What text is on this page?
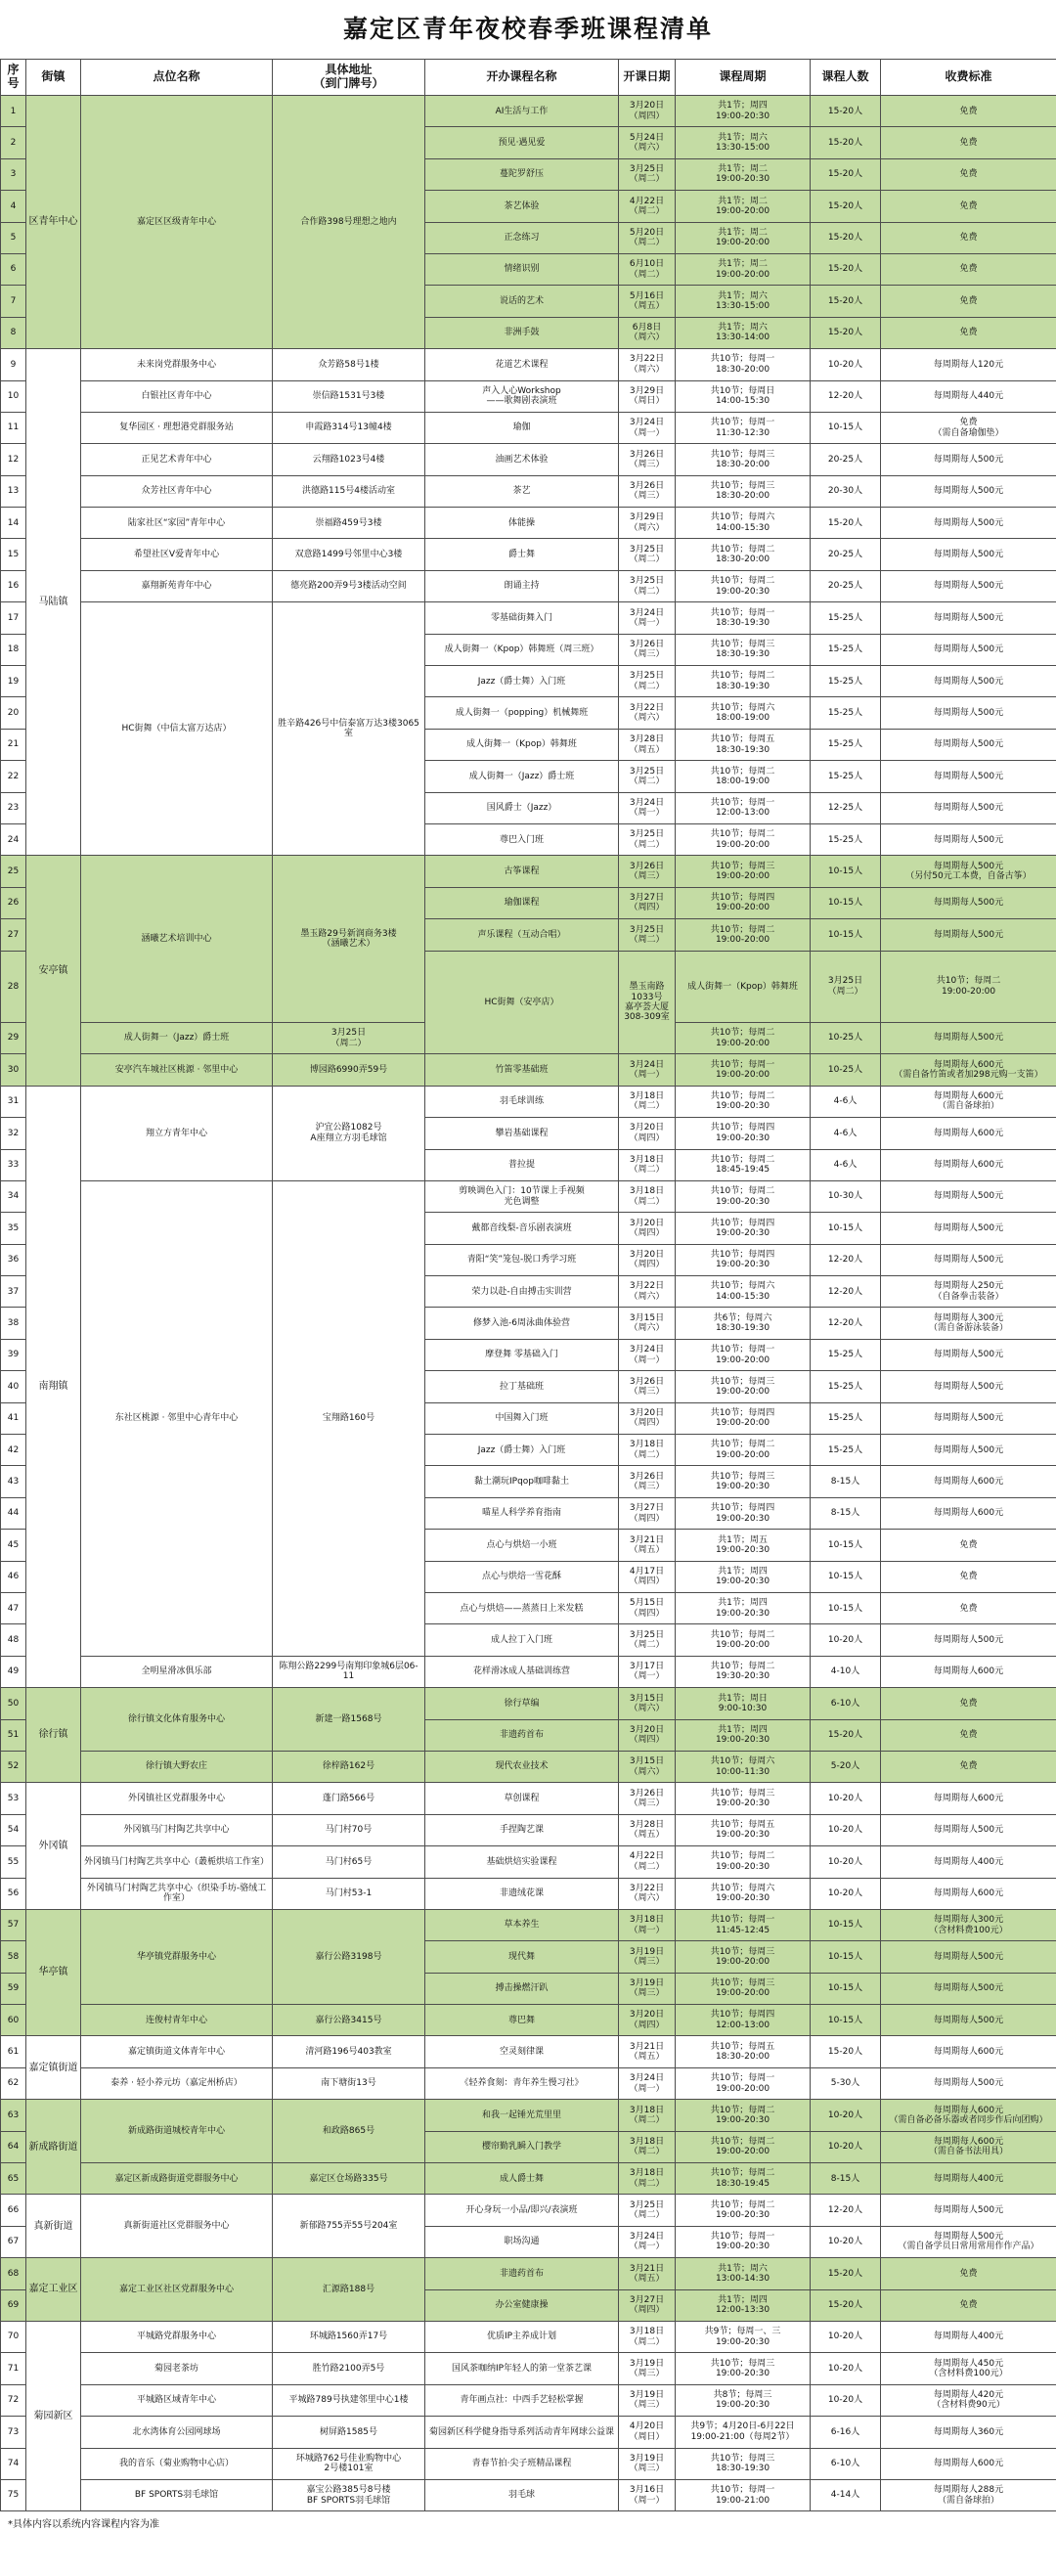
嘉定区青年夜校春季班课程清单
序号	街镇	点位名称	具体地址
（到门牌号）	开办课程名称	开课日期	课程周期	课程人数	收费标准	
1	区青年中心	嘉定区区级青年中心	合作路398号理想之地内	AI生活与工作	3月20日
（周四）	共1节；周四
19:00-20:30	15-20人	免费	
2				预见·遇见爱	5月24日
（周六）	共1节；周六
13:30-15:00	15-20人	免费	
3				蔓陀罗舒压	3月25日
（周二）	共1节；周二
19:00-20:30	15-20人	免费	
4				茶艺体验	4月22日
（周二）	共1节；周二
19:00-20:00	15-20人	免费	
5				正念练习	5月20日
（周二）	共1节；周二
19:00-20:00	15-20人	免费	
6				情绪识别	6月10日
（周二）	共1节；周二
19:00-20:00	15-20人	免费	
7				说话的艺术	5月16日
（周五）	共1节；周六
13:30-15:00	15-20人	免费	
8				非洲手鼓	6月8日
（周六）	共1节；周六
13:30-14:00	15-20人	免费	
9	马陆镇	未来岗党群服务中心	众芳路58号1楼	花道艺术课程	3月22日
（周六）	共10节；每周一
18:30-20:00	10-20人	每周期每人120元	
10		白银社区青年中心	崇信路1531号3楼	声入人心Workshop
——歌舞剧表演班	3月29日
（周日）	共10节；每周日
14:00-15:30	12-20人	每周期每人440元	
11		复华园区 · 理想港党群服务站	申霞路314号13幢4楼	瑜伽	3月24日
（周一）	共10节；每周一
11:30-12:30	10-15人	免费
（需自备瑜伽垫）	
12		正见艺术青年中心	云翔路1023号4楼	油画艺术体验	3月26日
（周三）	共10节；每周三
18:30-20:00	20-25人	每周期每人500元	
13		众芳社区青年中心	洪德路115号4楼活动室	茶艺	3月26日
（周三）	共10节；每周三
18:30-20:00	20-30人	每周期每人500元	
14		陆家社区“家园”青年中心	崇福路459号3楼	体能操	3月29日
（周六）	共10节；每周六
14:00-15:30	15-20人	每周期每人500元	
15		希望社区V爱青年中心	双意路1499号邻里中心3楼	爵士舞	3月25日
（周二）	共10节；每周二
18:30-20:00	20-25人	每周期每人500元	
16		嘉翔新苑青年中心	德亮路200弄9号3楼活动空间	朗诵主持	3月25日
（周二）	共10节；每周二
19:00-20:30	20-25人	每周期每人500元	
17		HC街舞（中信太富万达店）	胜辛路426号中信泰富万达3楼3065室	零基础街舞入门	3月24日
（周一）	共10节；每周一
18:30-19:30	15-25人	每周期每人500元	
18				成人街舞一（Kpop）韩舞班（周三班）	3月26日
（周三）	共10节；每周三
18:30-19:30	15-25人	每周期每人500元	
19				Jazz（爵士舞）入门班	3月25日
（周二）	共10节；每周二
18:30-19:30	15-25人	每周期每人500元	
20				成人街舞一（popping）机械舞班	3月22日
（周六）	共10节；每周六
18:00-19:00	15-25人	每周期每人500元	
21				成人街舞一（Kpop）韩舞班	3月28日
（周五）	共10节；每周五
18:30-19:30	15-25人	每周期每人500元	
22				成人街舞一（Jazz）爵士班	3月25日
（周二）	共10节；每周二
18:00-19:00	15-25人	每周期每人500元	
23				国风爵士（Jazz）	3月24日
（周一）	共10节；每周一
12:00-13:00	12-25人	每周期每人500元	
24				尊巴入门班	3月25日
（周二）	共10节；每周二
19:00-20:00	15-25人	每周期每人500元	
25	安亭镇	涵曦艺术培训中心	墨玉路29号新润商务3楼
（涵曦艺术）	古筝课程	3月26日
（周三）	共10节；每周三
19:00-20:00	10-15人	每周期每人500元
（另付50元工本费，自备古筝）	
26				瑜伽课程	3月27日
（周四）	共10节；每周四
19:00-20:00	10-15人	每周期每人500元	
27				声乐课程（互动合唱）	3月25日
（周二）	共10节；每周二
19:00-20:00	10-15人	每周期每人500元	
28				HC街舞（安亭店）	墨玉南路1033号
嘉亭荟大厦308-309室	成人街舞一（Kpop）韩舞班	3月25日
（周二）	共10节；每周二
19:00-20:00		
29		成人街舞一（Jazz）爵士班	3月25日
（周二）			共10节；每周二
19:00-20:00	10-25人	每周期每人500元	
30		安亭汽车城社区桃源 · 邻里中心	博园路6990弄59号	竹笛零基础班	3月24日
（周一）	共10节；每周一
19:00-20:00	10-25人	每周期每人600元
（需自备竹笛或者加298元购一支笛）	
31	南翔镇	翔立方青年中心	沪宜公路1082号
A座翔立方羽毛球馆	羽毛球训练	3月18日
（周二）	共10节；每周二
19:00-20:30	4-6人	每周期每人600元
（需自备球拍）	
32				攀岩基础课程	3月20日
（周四）	共10节；每周四
19:00-20:30	4-6人	每周期每人600元	
33				普拉提	3月18日
（周二）	共10节；每周二
18:45-19:45	4-6人	每周期每人600元	
34		东社区桃源 · 邻里中心青年中心	宝翔路160号	剪映调色入门：10节课上手视频
光色调整	3月18日
（周二）	共10节；每周二
19:00-20:30	10-30人	每周期每人500元	
35				戴都音线梨-音乐剧表演班	3月20日
（周四）	共10节；每周四
19:00-20:30	10-15人	每周期每人500元	
36				青阳“笑”笼包-脱口秀学习班	3月20日
（周四）	共10节；每周四
19:00-20:30	12-20人	每周期每人500元	
37				荣力以赴-自由搏击实训营	3月22日
（周六）	共10节；每周六
14:00-15:30	12-20人	每周期每人250元
（自备拳击装备）	
38				修梦入池-6周泳曲体验营	3月15日
（周六）	共6节；每周六
18:30-19:30	12-20人	每周期每人300元
（需自备游泳装备）	
39				摩登舞 零基础入门	3月24日
（周一）	共10节；每周一
19:00-20:00	15-25人	每周期每人500元	
40				拉丁基础班	3月26日
（周三）	共10节；每周三
19:00-20:00	15-25人	每周期每人500元	
41				中国舞入门班	3月20日
（周四）	共10节；每周四
19:00-20:00	15-25人	每周期每人500元	
42				Jazz（爵士舞）入门班	3月18日
（周二）	共10节；每周二
19:00-20:00	15-25人	每周期每人500元	
43				黏土潮玩IPqop咖啡黏土	3月26日
（周三）	共10节；每周三
19:00-20:30	8-15人	每周期每人600元	
44				喵星人科学养育指南	3月27日
（周四）	共10节；每周四
19:00-20:30	8-15人	每周期每人600元	
45				点心与烘焙一小班	3月21日
（周五）	共1节；周五
19:00-20:30	10-15人	免费	
46				点心与烘焙一雪花酥	4月17日
（周四）	共1节；周四
19:00-20:30	10-15人	免费	
47				点心与烘焙——蒸蒸日上米发糕	5月15日
（周四）	共1节；周四
19:00-20:30	10-15人	免费	
48				成人拉丁入门班	3月25日
（周二）	共10节；每周二
19:00-20:00	10-20人	每周期每人500元	
49		全明星滑冰俱乐部	陈翔公路2299号南翔印象城6层06-11	花样滑冰成人基础训练营	3月17日
（周一）	共10节；每周二
19:30-20:30	4-10人	每周期每人600元	
50	徐行镇	徐行镇文化体育服务中心	新建一路1568号	徐行草编	3月15日
（周六）	共1节；周日
9:00-10:30	6-10人	免费	
51				非遗药首布	3月20日
（周四）	共1节；周四
19:00-20:30	15-20人	免费	
52		徐行镇大野农庄	徐梓路162号	现代农业技术	3月15日
（周六）	共10节；每周六
10:00-11:30	5-20人	免费	
53	外冈镇	外冈镇社区党群服务中心	蓬门路566号	草创课程	3月26日
（周三）	共10节；每周三
19:00-20:30	10-20人	每周期每人600元	
54		外冈镇马门村陶艺共享中心	马门村70号	手捏陶艺课	3月28日
（周五）	共10节；每周五
19:00-20:30	10-20人	每周期每人500元	
55		外冈镇马门村陶艺共享中心（叢栀烘培工作室）	马门村65号	基础烘焙实验课程	4月22日
（周二）	共10节；每周二
19:00-20:30	10-20人	每周期每人400元	
56		外冈镇马门村陶艺共享中心（织染手坊-骆绒工作室）	马门村53-1	非遗绒花课	3月22日
（周六）	共10节；每周六
19:00-20:30	10-20人	每周期每人600元	
57	华亭镇	华亭镇党群服务中心	嘉行公路3198号	草本养生	3月18日
（周一）	共10节；每周一
11:45-12:45	10-15人	每周期每人300元
（含材料费100元）	
58				现代舞	3月19日
（周三）	共10节；每周三
19:00-20:00	10-15人	每周期每人500元	
59				搏击操燃汗趴	3月19日
（周三）	共10节；每周三
19:00-20:00	10-15人	每周期每人500元	
60		连俊村青年中心	嘉行公路3415号	尊巴舞	3月20日
（周四）	共10节；每周四
12:00-13:00	10-15人	每周期每人500元	
61	嘉定镇街道	嘉定镇街道文体青年中心	清河路196号403教室	空灵刻律课	3月21日
（周五）	共10节；每周五
18:30-20:00	15-20人	每周期每人600元	
62		泰养 · 轻小养元坊（嘉定州桥店）	南下塘街13号	《轻养食刻：青年养生慢习社》	3月24日
（周一）	共10节；每周一
19:00-20:00	5-30人	每周期每人500元	
63	新成路街道	新成路街道城校青年中心	和政路865号	和我一起锤光荒里里	3月18日
（周二）	共10节；每周二
19:00-20:30	10-20人	每周期每人600元
（需自备必备乐器或者同步作后向团购）	
64				樱帘勤乳瞬入门教学	3月18日
（周二）	共10节；每周二
19:00-20:00	10-20人	每周期每人600元
（需自备书法用具）	
65		嘉定区新成路街道党群服务中心	嘉定区仓场路335号	成人爵士舞	3月18日
（周二）	共10节；每周二
18:30-19:45	8-15人	每周期每人400元	
66	真新街道	真新街道社区党群服务中心	新郁路755弄55号204室	开心身玩一小品/即兴/表演班	3月25日
（周二）	共10节；每周二
19:00-20:30	12-20人	每周期每人500元	
67				职场沟通	3月24日
（周一）	共10节；每周一
19:00-20:30	10-20人	每周期每人500元
（需自备学员日常用常用作作产品）	
68	嘉定工业区	嘉定工业区社区党群服务中心	汇源路188号	非遗药首布	3月21日
（周五）	共1节；周六
13:00-14:30	15-20人	免费	
69				办公室健康操	3月27日
（周四）	共1节；周四
12:00-13:30	15-20人	免费	
70	菊园新区	平城路党群服务中心	环城路1560弄17号	优质IP主养成计划	3月18日
（周二）	共9节；每周一、三
19:00-20:30	10-20人	每周期每人400元	
71		菊园老茶坊	胜竹路2100弄5号	国风茶咖纳IP年轻人的第一堂茶艺课	3月19日
（周三）	共10节；每周三
19:00-20:30	10-20人	每周期每人450元
（含材料费100元）	
72		平城路区域青年中心	平城路789号执建邻里中心1楼	青年画点社：中西手艺轻松掌握	3月19日
（周三）	共8节；每周三
19:00-20:30	10-20人	每周期每人420元
（含材料费90元）	
73		北水湾体育公园网球场	树屏路1585号	菊园新区科学健身指导系列活动青年网球公益课	4月20日
（周日）	共9节；4月20日-6月22日
19:00-21:00（每周2节）	6-16人	每周期每人360元	
74		我的音乐（菊业购物中心店）	环城路762号佳业购物中心
2号楼101室	青春节拍·尖子班精品课程	3月19日
（周三）	共10节；每周三
18:30-19:30	6-10人	每周期每人600元	
75		BF SPORTS羽毛球馆	嘉宝公路385号8号楼
BF SPORTS羽毛球馆	羽毛球	3月16日
（周一）	共10节；每周一
19:00-21:00	4-14人	每周期每人288元
（需自备球拍）	
*具体内容以系统内容课程内容为准
